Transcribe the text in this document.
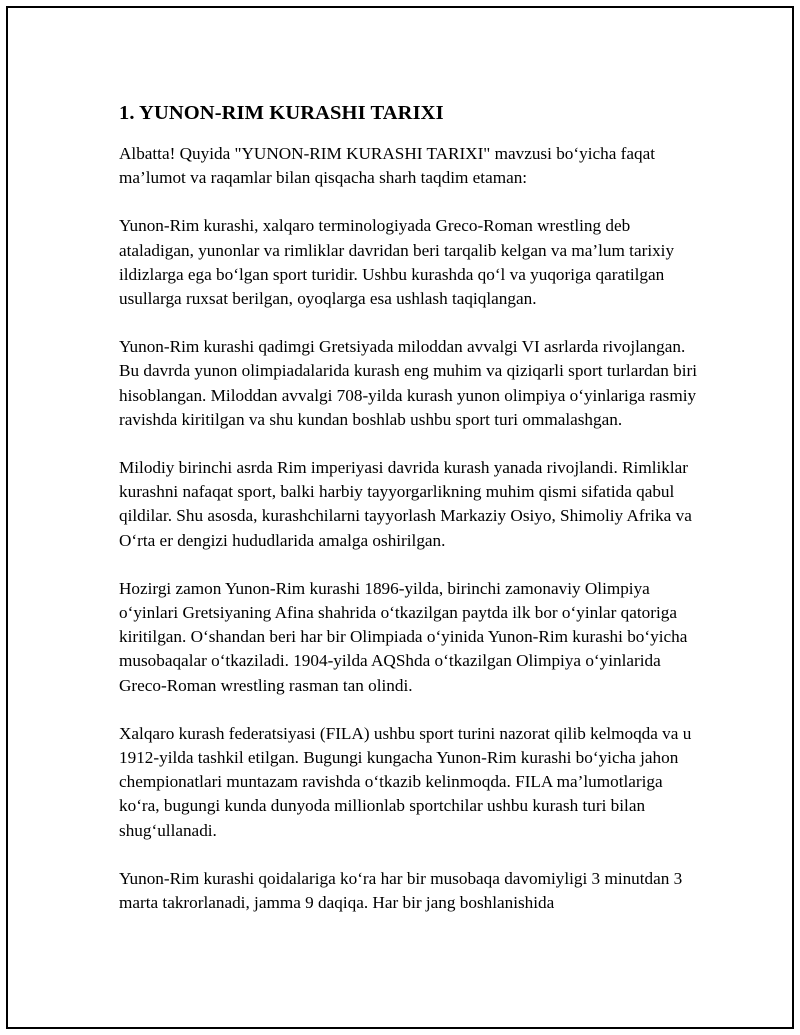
1. YUNON-RIM KURASHI TARIXI

Albatta! Quyida "YUNON-RIM KURASHI TARIXI" mavzusi bo‘yicha faqat ma’lumot va raqamlar bilan qisqacha sharh taqdim etaman:

Yunon-Rim kurashi, xalqaro terminologiyada Greco-Roman wrestling deb ataladigan, yunonlar va rimliklar davridan beri tarqalib kelgan va ma’lum tarixiy ildizlarga ega bo‘lgan sport turidir. Ushbu kurashda qo‘l va yuqoriga qaratilgan usullarga ruxsat berilgan, oyoqlarga esa ushlash taqiqlangan.

Yunon-Rim kurashi qadimgi Gretsiyada miloddan avvalgi VI asrlarda rivojlangan. Bu davrda yunon olimpiadalarida kurash eng muhim va qiziqarli sport turlardan biri hisoblangan. Miloddan avvalgi 708-yilda kurash yunon olimpiya o‘yinlariga rasmiy ravishda kiritilgan va shu kundan boshlab ushbu sport turi ommalashgan.

Milodiy birinchi asrda Rim imperiyasi davrida kurash yanada rivojlandi. Rimliklar kurashni nafaqat sport, balki harbiy tayyorgarlikning muhim qismi sifatida qabul qildilar. Shu asosda, kurashchilarni tayyorlash Markaziy Osiyo, Shimoliy Afrika va O‘rta er dengizi hududlarida amalga oshirilgan.

Hozirgi zamon Yunon-Rim kurashi 1896-yilda, birinchi zamonaviy Olimpiya o‘yinlari Gretsiyaning Afina shahrida o‘tkazilgan paytda ilk bor o‘yinlar qatoriga kiritilgan. O‘shandan beri har bir Olimpiada o‘yinida Yunon-Rim kurashi bo‘yicha musobaqalar o‘tkaziladi. 1904-yilda AQShda o‘tkazilgan Olimpiya o‘yinlarida Greco-Roman wrestling rasman tan olindi.

Xalqaro kurash federatsiyasi (FILA) ushbu sport turini nazorat qilib kelmoqda va u 1912-yilda tashkil etilgan. Bugungi kungacha Yunon-Rim kurashi bo‘yicha jahon chempionatlari muntazam ravishda o‘tkazib kelinmoqda. FILA ma’lumotlariga ko‘ra, bugungi kunda dunyoda millionlab sportchilar ushbu kurash turi bilan shug‘ullanadi.

Yunon-Rim kurashi qoidalariga ko‘ra har bir musobaqa davomiyligi 3 minutdan 3 marta takrorlanadi, jamma 9 daqiqa. Har bir jang boshlanishida
